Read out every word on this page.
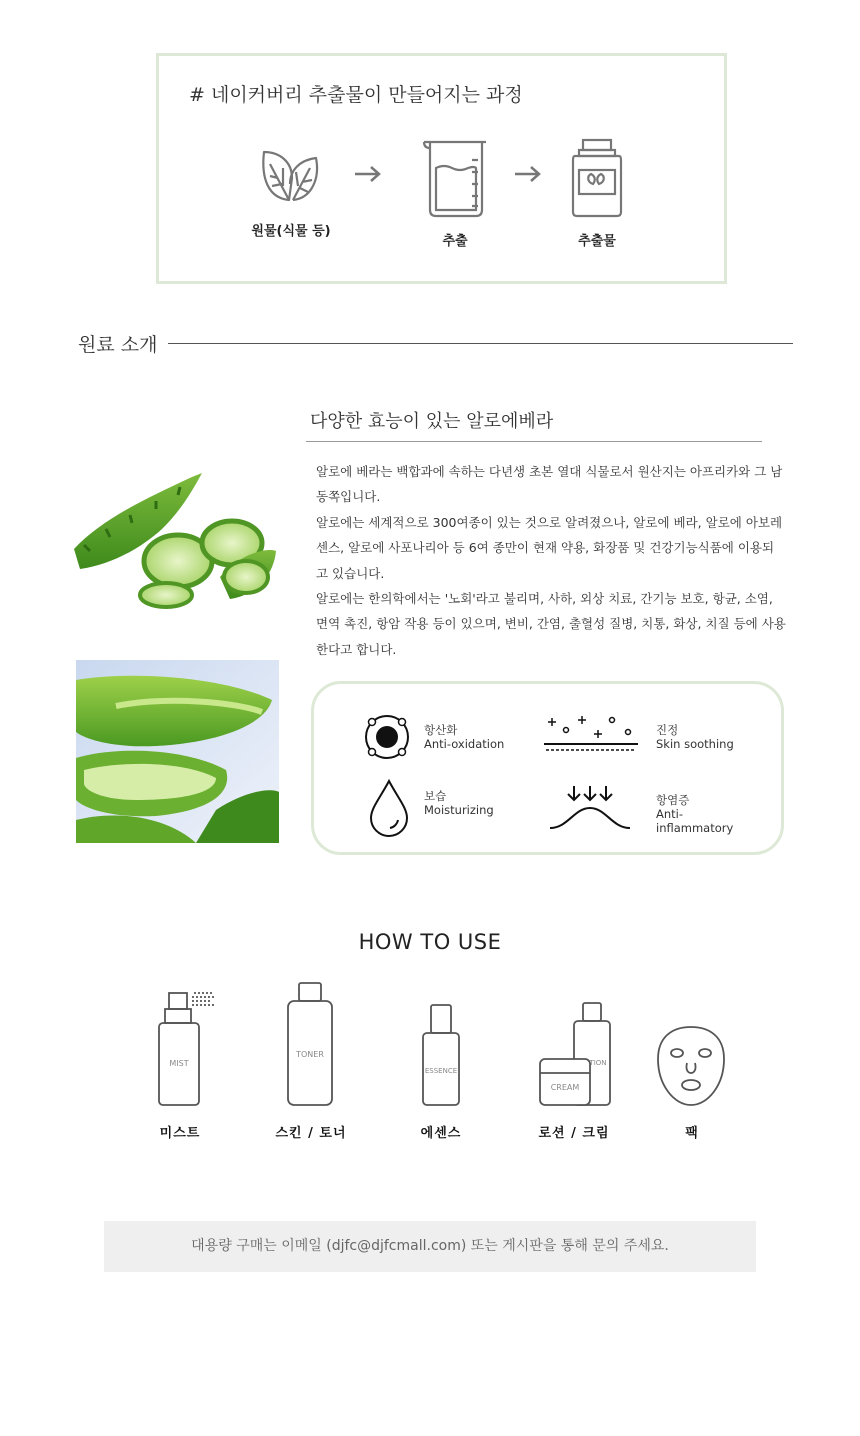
# 네이커버리 추출물이 만들어지는 과정
원물(식물 등)
추출	추출물
원료 소개
다양한 효능이 있는 알로에베라

알로에 베라는 백합과에 속하는 다년생 초본 열대 식물로서 원산지는 아프리카와 그 남동쪽입니다.

알로에는 세계적으로 300여종이 있는 것으로 알려졌으나, 알로에 베라, 알로에 아보레센스, 알로에 사포나리아 등 6여 종만이 현재 약용, 화장품 및 건강기능식품에 이용되고 있습니다.

알로에는 한의학에서는 '노회'라고 불리며, 사하, 외상 치료, 간기능 보호, 항균, 소염, 면역 촉진, 항암 작용 등이 있으며, 변비, 간염, 출혈성 질병, 치통, 화상, 치질 등에 사용한다고 합니다.

항산화
Anti-oxidation
진정
Skin soothing
보습
Moisturizing
항염증
Anti-inflammatory
HOW TO USE
MIST
TONER
ESSENCE
TION
CREAM
미스트	스킨 / 토너	에센스	로션 / 크림	팩
대용량 구매는 이메일 (djfc@djfcmall.com) 또는 게시판을 통해 문의 주세요.
